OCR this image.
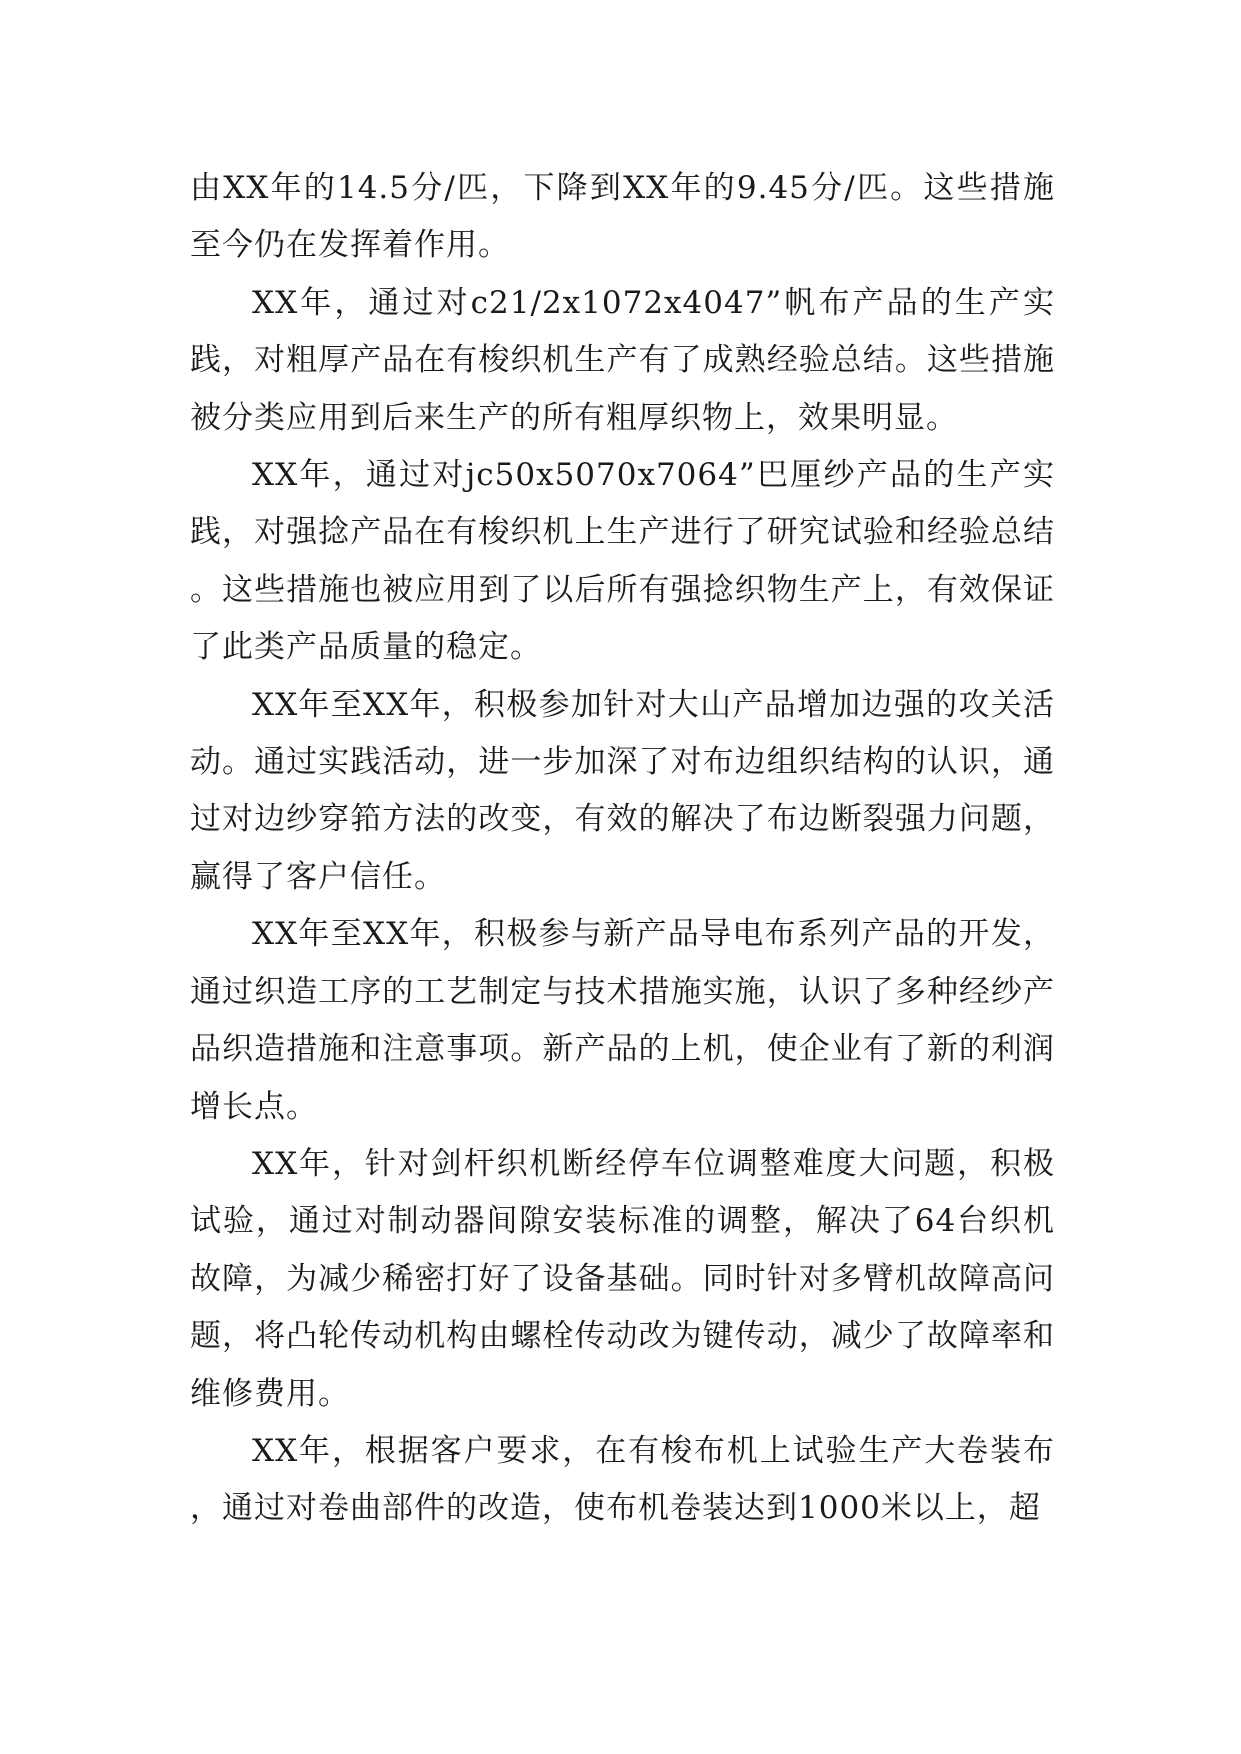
由XX年的14.5分/匹，下降到XX年的9.45分/匹。这些措施至今仍在发挥着作用。

XX年，通过对c21/2x1072x4047”帆布产品的生产实践，对粗厚产品在有梭织机生产有了成熟经验总结。这些措施被分类应用到后来生产的所有粗厚织物上，效果明显。

XX年，通过对jc50x5070x7064”巴厘纱产品的生产实践，对强捻产品在有梭织机上生产进行了研究试验和经验总结。这些措施也被应用到了以后所有强捻织物生产上，有效保证了此类产品质量的稳定。

XX年至XX年，积极参加针对大山产品增加边强的攻关活动。通过实践活动，进一步加深了对布边组织结构的认识，通过对边纱穿筘方法的改变，有效的解决了布边断裂强力问题，赢得了客户信任。

XX年至XX年，积极参与新产品导电布系列产品的开发，通过织造工序的工艺制定与技术措施实施，认识了多种经纱产品织造措施和注意事项。新产品的上机，使企业有了新的利润增长点。

XX年，针对剑杆织机断经停车位调整难度大问题，积极试验，通过对制动器间隙安装标准的调整，解决了64台织机故障，为减少稀密打好了设备基础。同时针对多臂机故障高问题，将凸轮传动机构由螺栓传动改为键传动，减少了故障率和维修费用。

XX年，根据客户要求，在有梭布机上试验生产大卷装布，通过对卷曲部件的改造，使布机卷装达到1000米以上，超
